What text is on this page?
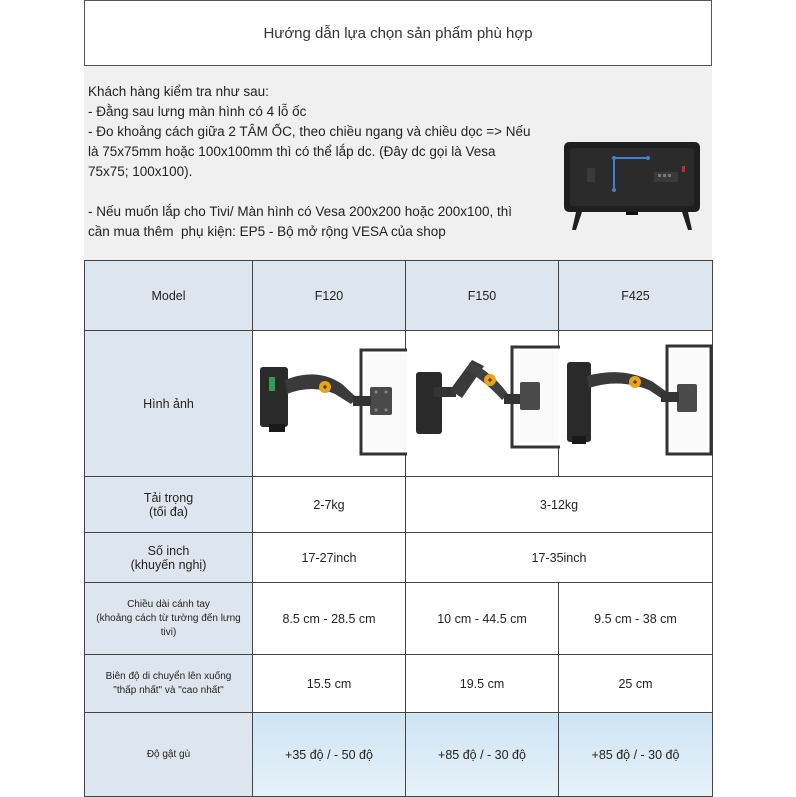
Hướng dẫn lựa chọn sản phẩm phù hợp
Khách hàng kiểm tra như sau:
- Đằng sau lưng màn hình có 4 lỗ ốc
- Đo khoảng cách giữa 2 TÂM ỐC, theo chiều ngang và chiều dọc => Nếu
là 75x75mm hoặc 100x100mm thì có thể lắp dc. (Đây dc gọi là Vesa
75x75; 100x100).
- Nếu muốn lắp cho Tivi/ Màn hình có Vesa 200x200 hoặc 200x100, thì
cần mua thêm  phụ kiện: EP5 - Bộ mở rộng VESA của shop
Model	F120	F150	F425
Hình ảnh			
Tải trọng
(tối đa)	2-7kg	3-12kg	
Số inch
(khuyến nghị)	17-27inch	17-35inch	
Chiều dài cánh tay
(khoảng cách từ tường đến lưng
tivi)	8.5 cm - 28.5 cm	10 cm - 44.5 cm	9.5 cm - 38 cm
Biên độ di chuyển lên xuống
"thấp nhất" và "cao nhất"	15.5 cm	19.5 cm	25 cm
Độ gật gù	+35 độ / - 50 độ	+85 độ / - 30 độ	+85 độ / - 30 độ
